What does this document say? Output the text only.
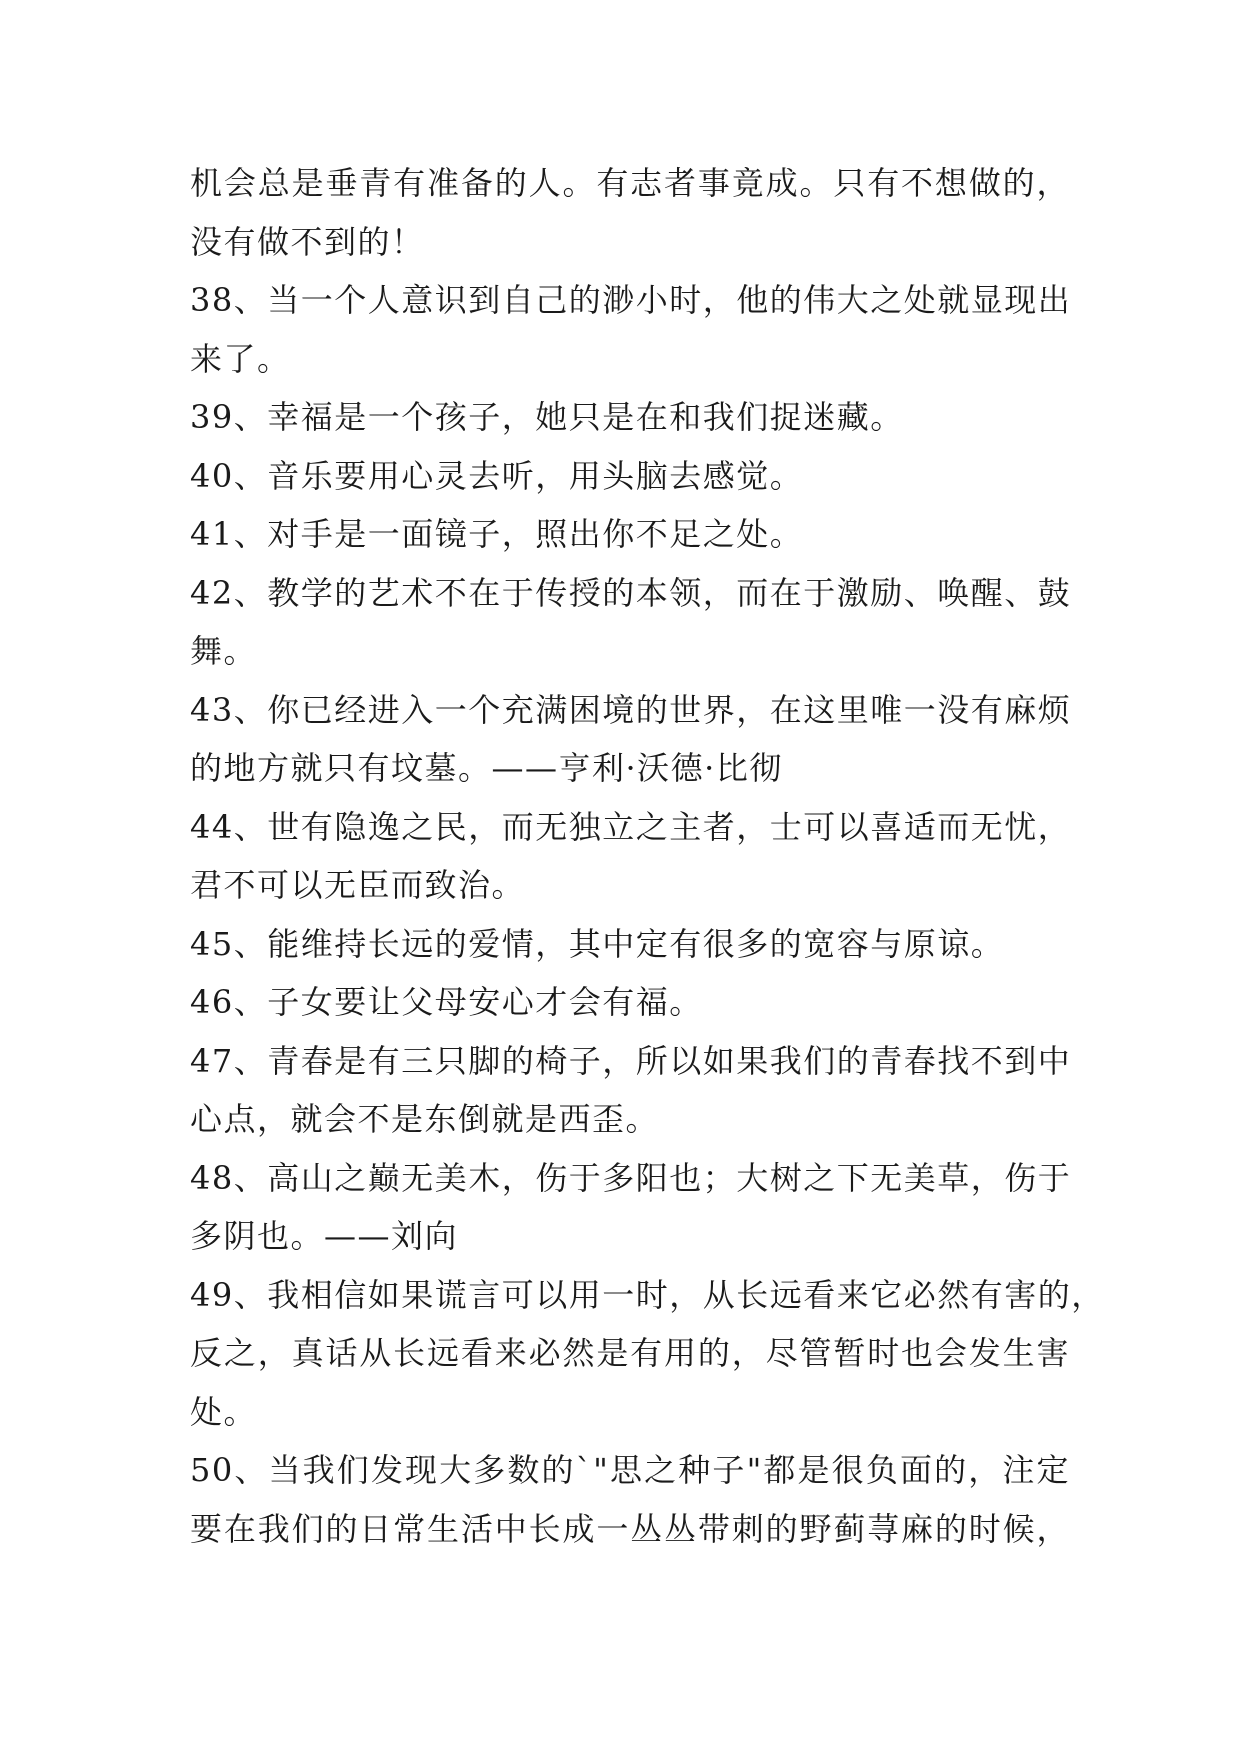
机会总是垂青有准备的人。有志者事竟成。只有不想做的，
没有做不到的！
38、当一个人意识到自己的渺小时，他的伟大之处就显现出
来了。
39、幸福是一个孩子，她只是在和我们捉迷藏。
40、音乐要用心灵去听，用头脑去感觉。
41、对手是一面镜子，照出你不足之处。
42、教学的艺术不在于传授的本领，而在于激励、唤醒、鼓
舞。
43、你已经进入一个充满困境的世界，在这里唯一没有麻烦
的地方就只有坟墓。——亨利·沃德·比彻
44、世有隐逸之民，而无独立之主者，士可以喜适而无忧，
君不可以无臣而致治。
45、能维持长远的爱情，其中定有很多的宽容与原谅。
46、子女要让父母安心才会有福。
47、青春是有三只脚的椅子，所以如果我们的青春找不到中
心点，就会不是东倒就是西歪。
48、高山之巅无美木，伤于多阳也；大树之下无美草，伤于
多阴也。——刘向
49、我相信如果谎言可以用一时，从长远看来它必然有害的，
反之，真话从长远看来必然是有用的，尽管暂时也会发生害
处。
50、当我们发现大多数的`"思之种子"都是很负面的，注定
要在我们的日常生活中长成一丛丛带刺的野蓟荨麻的时候，
